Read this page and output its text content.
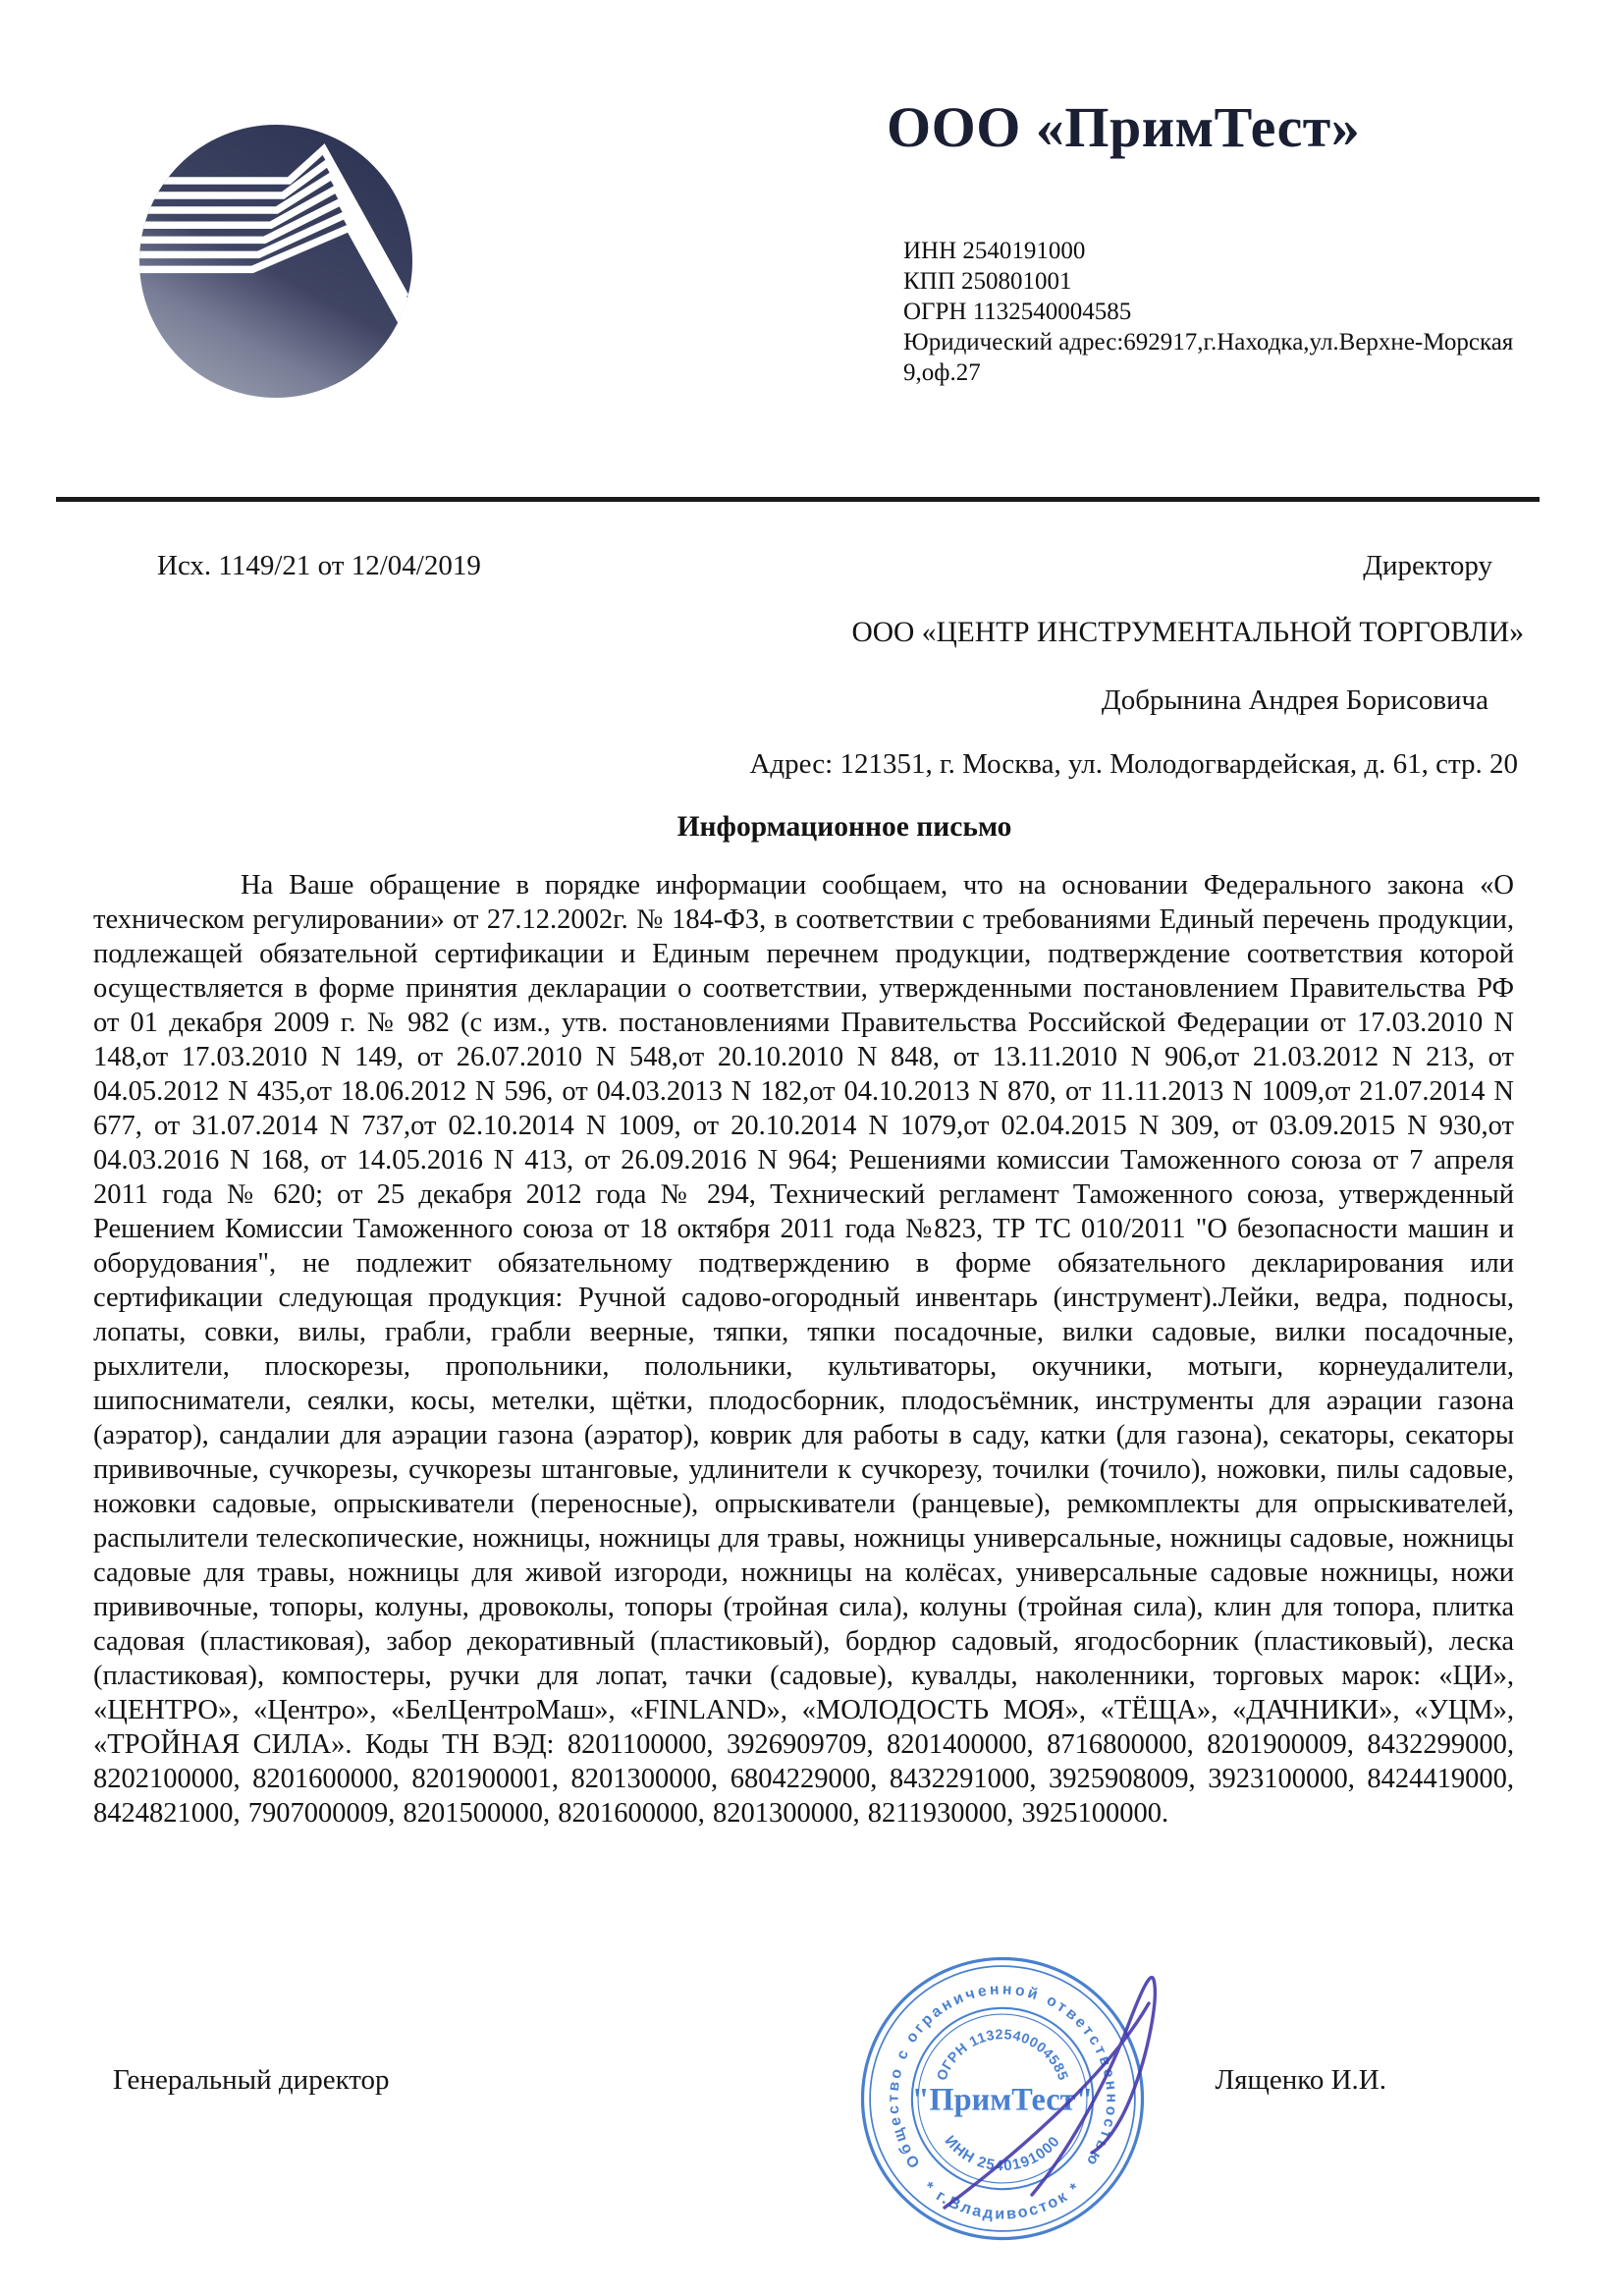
ООО «ПримТест»
ИНН 2540191000
КПП 250801001
ОГРН 1132540004585
Юридический адрес:692917,г.Находка,ул.Верхне-Морская
9,оф.27
Исх. 1149/21 от 12/04/2019	Директору
ООО «ЦЕНТР ИНСТРУМЕНТАЛЬНОЙ ТОРГОВЛИ»
Добрынина Андрея Борисовича
Адрес: 121351, г. Москва, ул. Молодогвардейская, д. 61, стр. 20
Информационное письмо

На Ваше обращение в порядке информации сообщаем, что на основании Федерального закона «О техническом регулировании» от 27.12.2002г. № 184-ФЗ, в соответствии с требованиями Единый перечень продукции, подлежащей обязательной сертификации и Единым перечнем продукции, подтверждение соответствия которой осуществляется в форме принятия декларации о соответствии, утвержденными постановлением Правительства РФ от 01 декабря 2009 г. № 982 (с изм., утв. постановлениями Правительства Российской Федерации от 17.03.2010 N 148,от 17.03.2010 N 149, от 26.07.2010 N 548,от 20.10.2010 N 848, от 13.11.2010 N 906,от 21.03.2012 N 213, от 04.05.2012 N 435,от 18.06.2012 N 596, от 04.03.2013 N 182,от 04.10.2013 N 870, от 11.11.2013 N 1009,от 21.07.2014 N 677, от 31.07.2014 N 737,от 02.10.2014 N 1009, от 20.10.2014 N 1079,от 02.04.2015 N 309, от 03.09.2015 N 930,от 04.03.2016 N 168, от 14.05.2016 N 413, от 26.09.2016 N 964; Решениями комиссии Таможенного союза от 7 апреля 2011 года № 620; от 25 декабря 2012 года № 294, Технический регламент Таможенного союза, утвержденный Решением Комиссии Таможенного союза от 18 октября 2011 года №823, ТР ТС 010/2011 "О безопасности машин и оборудования", не подлежит обязательному подтверждению в форме обязательного декларирования или сертификации следующая продукция: Ручной садово-огородный инвентарь (инструмент).Лейки, ведра, подносы, лопаты, совки, вилы, грабли, грабли веерные, тяпки, тяпки посадочные, вилки садовые, вилки посадочные, рыхлители, плоскорезы, пропольники, полольники, культиваторы, окучники, мотыги, корнеудалители, шипосниматели, сеялки, косы, метелки, щётки, плодосборник, плодосъёмник, инструменты для аэрации газона (аэратор), сандалии для аэрации газона (аэратор), коврик для работы в саду, катки (для газона), секаторы, секаторы прививочные, сучкорезы, сучкорезы штанговые, удлинители к сучкорезу, точилки (точило), ножовки, пилы садовые, ножовки садовые, опрыскиватели (переносные), опрыскиватели (ранцевые), ремкомплекты для опрыскивателей, распылители телескопические, ножницы, ножницы для травы, ножницы универсальные, ножницы садовые, ножницы садовые для травы, ножницы для живой изгороди, ножницы на колёсах, универсальные садовые ножницы, ножи прививочные, топоры, колуны, дровоколы, топоры (тройная сила), колуны (тройная сила), клин для топора, плитка садовая (пластиковая), забор декоративный (пластиковый), бордюр садовый, ягодосборник (пластиковый), леска (пластиковая), компостеры, ручки для лопат, тачки (садовые), кувалды, наколенники, торговых марок: «ЦИ», «ЦЕНТРО», «Центро», «БелЦентроМаш», «FINLAND», «МОЛОДОСТЬ МОЯ», «ТЁЩА», «ДАЧНИКИ», «УЦМ», «ТРОЙНАЯ СИЛА». Коды ТН ВЭД: 8201100000, 3926909709, 8201400000, 8716800000, 8201900009, 8432299000, 8202100000, 8201600000, 8201900001, 8201300000, 6804229000, 8432291000, 3925908009, 3923100000, 8424419000, 8424821000, 7907000009, 8201500000, 8201600000, 8201300000, 8211930000, 3925100000.

Генеральный директор	Лященко И.И.
Общество с ограниченной ответственностью
* г.Владивосток *
ОГРН 1132540004585
ИНН 2540191000
"ПримТест"
